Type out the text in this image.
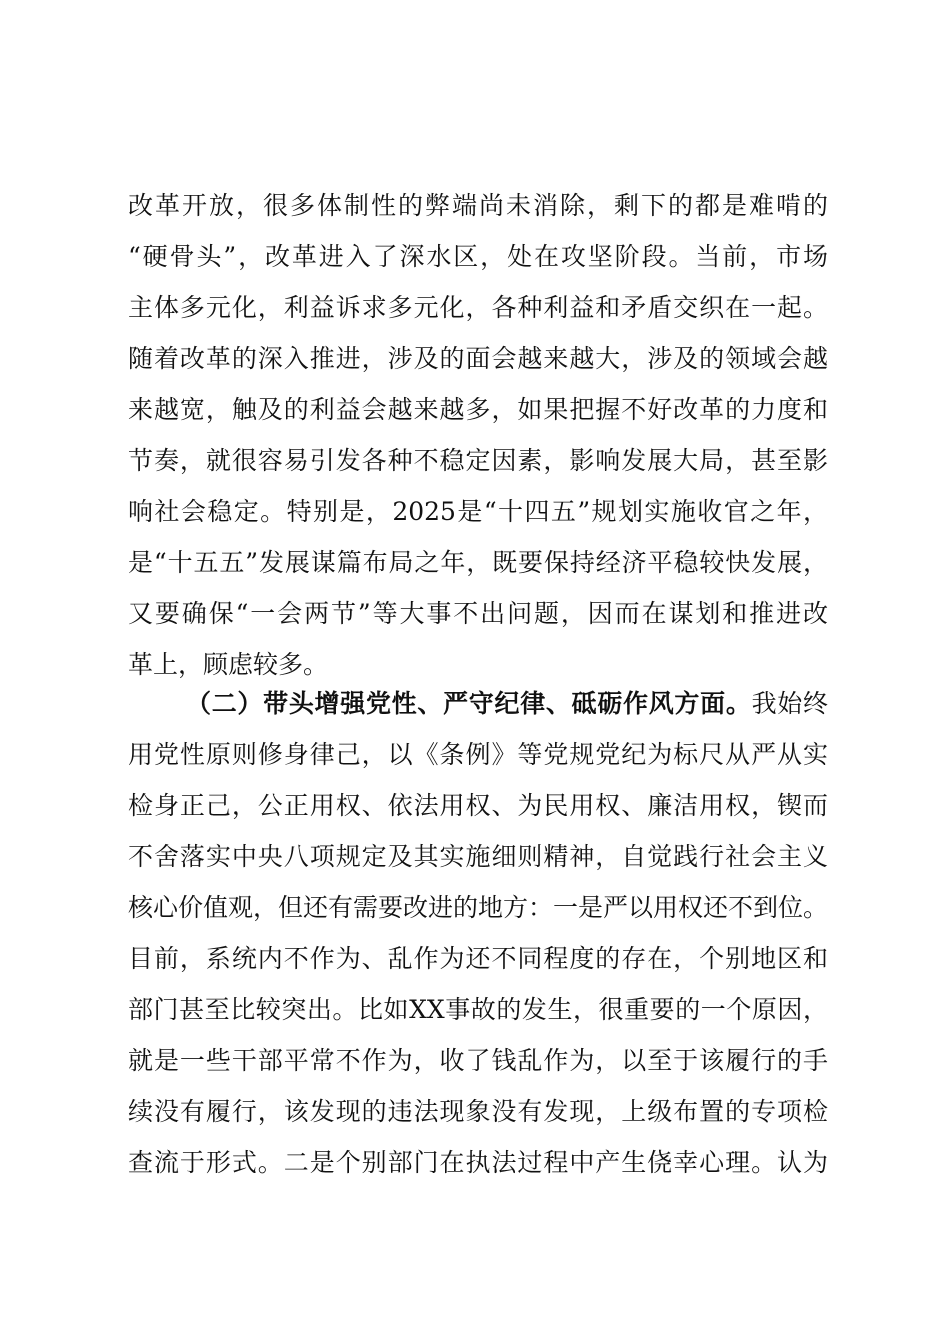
改革开放，很多体制性的弊端尚未消除，剩下的都是难啃的
“硬骨头”，改革进入了深水区，处在攻坚阶段。当前，市场
主体多元化，利益诉求多元化，各种利益和矛盾交织在一起。
随着改革的深入推进，涉及的面会越来越大，涉及的领域会越
来越宽，触及的利益会越来越多，如果把握不好改革的力度和
节奏，就很容易引发各种不稳定因素，影响发展大局，甚至影
响社会稳定。特别是，2025是“十四五”规划实施收官之年，
是“十五五”发展谋篇布局之年，既要保持经济平稳较快发展，
又要确保“一会两节”等大事不出问题，因而在谋划和推进改
革上，顾虑较多。
（二）带头增强党性、严守纪律、砥砺作风方面。我始终
用党性原则修身律己，以《条例》等党规党纪为标尺从严从实
检身正己，公正用权、依法用权、为民用权、廉洁用权，锲而
不舍落实中央八项规定及其实施细则精神，自觉践行社会主义
核心价值观，但还有需要改进的地方：一是严以用权还不到位。
目前，系统内不作为、乱作为还不同程度的存在，个别地区和
部门甚至比较突出。比如XX事故的发生，很重要的一个原因，
就是一些干部平常不作为，收了钱乱作为，以至于该履行的手
续没有履行，该发现的违法现象没有发现，上级布置的专项检
查流于形式。二是个别部门在执法过程中产生侥幸心理。认为
